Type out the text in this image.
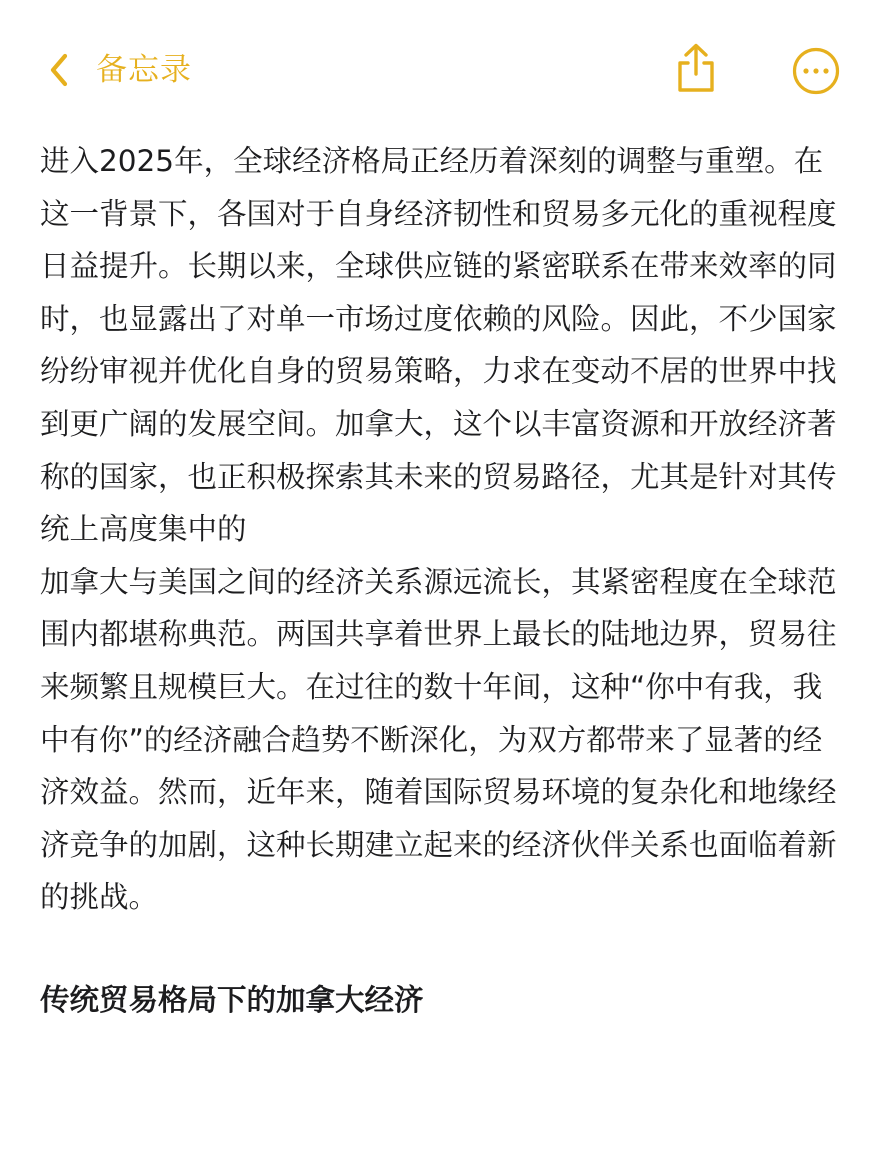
备忘录

进入2025年，全球经济格局正经历着深刻的调整与重塑。在这一背景下，各国对于自身经济韧性和贸易多元化的重视程度日益提升。长期以来，全球供应链的紧密联系在带来效率的同时，也显露出了对单一市场过度依赖的风险。因此，不少国家纷纷审视并优化自身的贸易策略，力求在变动不居的世界中找到更广阔的发展空间。加拿大，这个以丰富资源和开放经济著称的国家，也正积极探索其未来的贸易路径，尤其是针对其传统上高度集中的

加拿大与美国之间的经济关系源远流长，其紧密程度在全球范围内都堪称典范。两国共享着世界上最长的陆地边界，贸易往来频繁且规模巨大。在过往的数十年间，这种“你中有我，我中有你”的经济融合趋势不断深化，为双方都带来了显著的经济效益。然而，近年来，随着国际贸易环境的复杂化和地缘经济竞争的加剧，这种长期建立起来的经济伙伴关系也面临着新的挑战。

传统贸易格局下的加拿大经济
